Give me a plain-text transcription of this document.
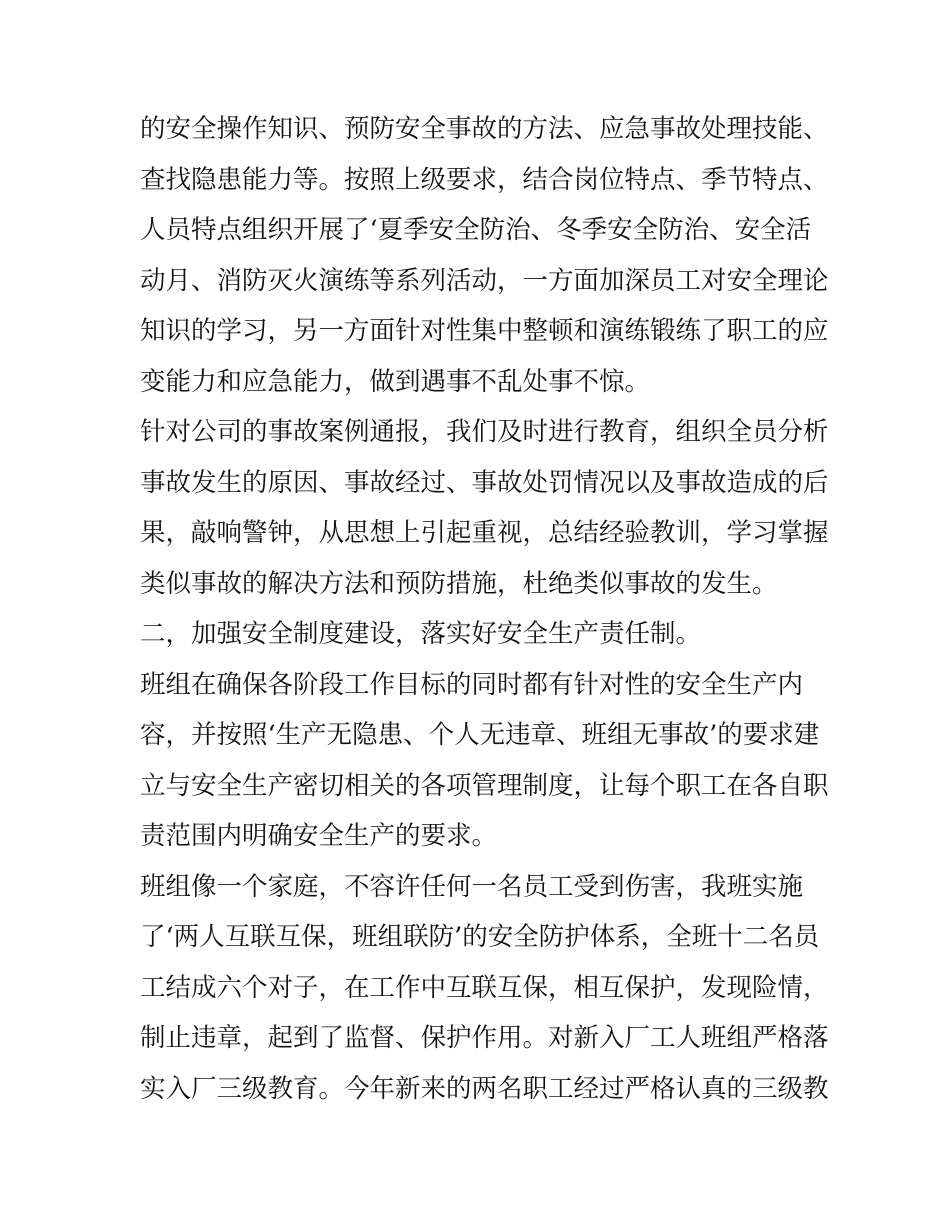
的安全操作知识、预防安全事故的方法、应急事故处理技能、
查找隐患能力等。按照上级要求，结合岗位特点、季节特点、
人员特点组织开展了‘夏季安全防治、冬季安全防治、安全活
动月、消防灭火演练等系列活动，一方面加深员工对安全理论
知识的学习，另一方面针对性集中整顿和演练锻练了职工的应
变能力和应急能力，做到遇事不乱处事不惊。

针对公司的事故案例通报，我们及时进行教育，组织全员分析
事故发生的原因、事故经过、事故处罚情况以及事故造成的后
果，敲响警钟，从思想上引起重视，总结经验教训，学习掌握
类似事故的解决方法和预防措施，杜绝类似事故的发生。

二，加强安全制度建设，落实好安全生产责任制。

班组在确保各阶段工作目标的同时都有针对性的安全生产内
容，并按照‘生产无隐患、个人无违章、班组无事故’的要求建
立与安全生产密切相关的各项管理制度，让每个职工在各自职
责范围内明确安全生产的要求。

班组像一个家庭，不容许任何一名员工受到伤害，我班实施
了‘两人互联互保，班组联防’的安全防护体系，全班十二名员
工结成六个对子，在工作中互联互保，相互保护，发现险情，
制止违章，起到了监督、保护作用。对新入厂工人班组严格落
实入厂三级教育。今年新来的两名职工经过严格认真的三级教
